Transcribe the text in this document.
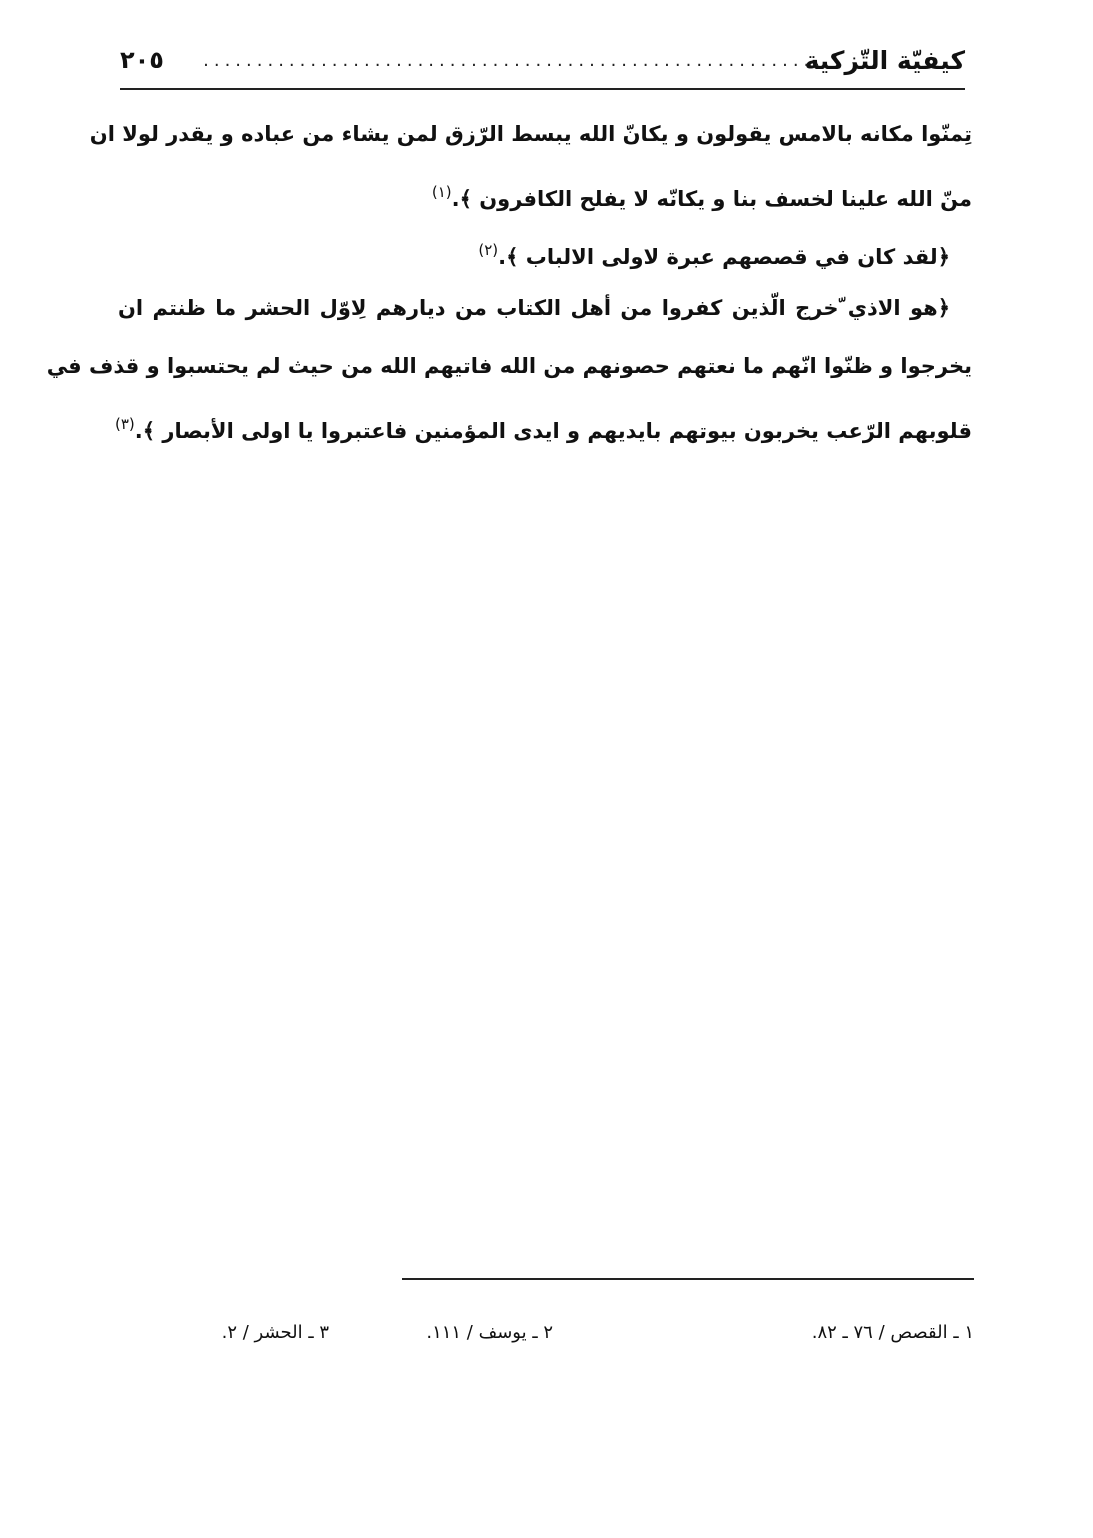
كيفيّة التّزكية
..........................................................
٢٠٥
تِمنّوا مكانه بالامس يقولون و يكانّ الله يبسط الرّزق لمن يشاء من عباده و يقدر لولا ان
منّ الله علينا لخسف بنا و يكانّه لا يفلح الكافرون ﴾.$^{(١)}$
﴿لقد كان في قصصهم عبرة لاولى الالباب ﴾.$^{(٢)}$
﴿هو الاذي ّخرج الّذين كفروا من أهل الكتاب من ديارهم لِاوّل الحشر ما ظنتم ان
يخرجوا و ظنّوا انّهم ما نعتهم حصونهم من الله فاتيهم الله من حيث لم يحتسبوا و قذف في
قلوبهم الرّعب يخربون بيوتهم بايديهم و ايدى المؤمنين فاعتبروا يا اولى الأبصار ﴾.$^{(٣)}$
١ ـ القصص / ٧٦ ـ ٨٢.
٢ ـ يوسف / ١١١.
٣ ـ الحشر / ٢.
